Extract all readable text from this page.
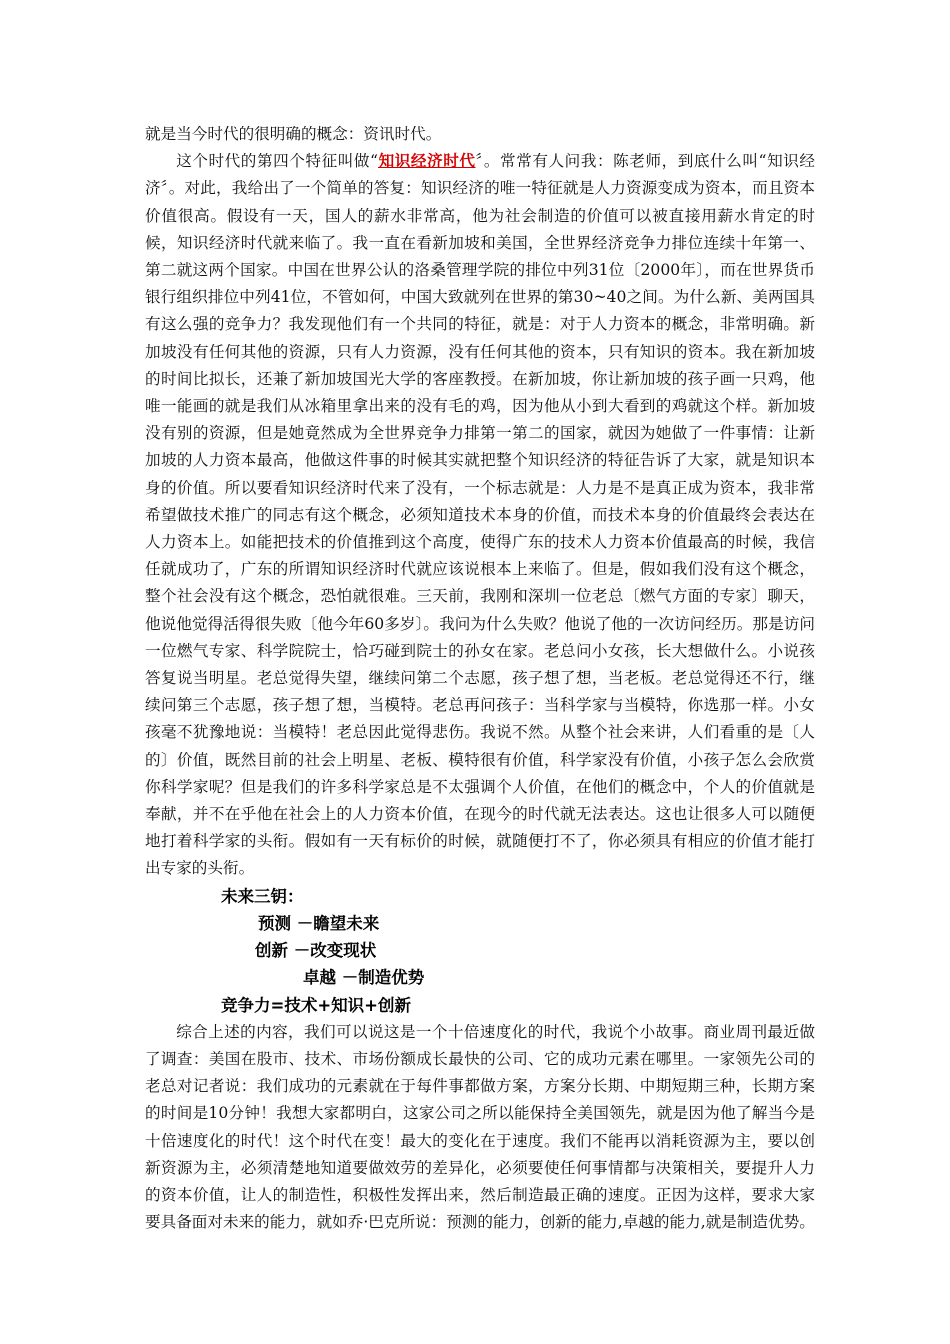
就是当今时代的很明确的概念：资讯时代。

这个时代的第四个特征叫做“知识经济时代〞。常常有人问我：陈老师，到底什么叫“知识经济〞。对此，我给出了一个简单的答复：知识经济的唯一特征就是人力资源变成为资本，而且资本价值很高。假设有一天，国人的薪水非常高，他为社会制造的价值可以被直接用薪水肯定的时候，知识经济时代就来临了。我一直在看新加坡和美国，全世界经济竞争力排位连续十年第一、第二就这两个国家。中国在世界公认的洛桑管理学院的排位中列31位〔2000年〕，而在世界货币银行组织排位中列41位，不管如何，中国大致就列在世界的第30~40之间。为什么新、美两国具有这么强的竞争力？我发现他们有一个共同的特征，就是：对于人力资本的概念，非常明确。新加坡没有任何其他的资源，只有人力资源，没有任何其他的资本，只有知识的资本。我在新加坡的时间比拟长，还兼了新加坡国光大学的客座教授。在新加坡，你让新加坡的孩子画一只鸡，他唯一能画的就是我们从冰箱里拿出来的没有毛的鸡，因为他从小到大看到的鸡就这个样。新加坡没有别的资源，但是她竟然成为全世界竞争力排第一第二的国家，就因为她做了一件事情：让新加坡的人力资本最高，他做这件事的时候其实就把整个知识经济的特征告诉了大家，就是知识本身的价值。所以要看知识经济时代来了没有，一个标志就是：人力是不是真正成为资本，我非常希望做技术推广的同志有这个概念，必须知道技术本身的价值，而技术本身的价值最终会表达在人力资本上。如能把技术的价值推到这个高度，使得广东的技术人力资本价值最高的时候，我信任就成功了，广东的所谓知识经济时代就应该说根本上来临了。但是，假如我们没有这个概念，整个社会没有这个概念，恐怕就很难。三天前，我刚和深圳一位老总〔燃气方面的专家〕聊天，他说他觉得活得很失败〔他今年60多岁〕。我问为什么失败？他说了他的一次访问经历。那是访问一位燃气专家、科学院院士，恰巧碰到院士的孙女在家。老总问小女孩，长大想做什么。小说孩答复说当明星。老总觉得失望，继续问第二个志愿，孩子想了想，当老板。老总觉得还不行，继续问第三个志愿，孩子想了想，当模特。老总再问孩子：当科学家与当模特，你选那一样。小女孩毫不犹豫地说：当模特！老总因此觉得悲伤。我说不然。从整个社会来讲，人们看重的是〔人的〕价值，既然目前的社会上明星、老板、模特很有价值，科学家没有价值，小孩子怎么会欣赏你科学家呢？但是我们的许多科学家总是不太强调个人价值，在他们的概念中，个人的价值就是奉献，并不在乎他在社会上的人力资本价值，在现今的时代就无法表达。这也让很多人可以随便地打着科学家的头衔。假如有一天有标价的时候，就随便打不了，你必须具有相应的价值才能打出专家的头衔。

未来三钥：
预测 －瞻望未来
创新 －改变现状
卓越 －制造优势
竞争力=技术+知识+创新

综合上述的内容，我们可以说这是一个十倍速度化的时代，我说个小故事。商业周刊最近做了调查：美国在股市、技术、市场份额成长最快的公司、它的成功元素在哪里。一家领先公司的老总对记者说：我们成功的元素就在于每件事都做方案，方案分长期、中期短期三种，长期方案的时间是10分钟！我想大家都明白，这家公司之所以能保持全美国领先，就是因为他了解当今是十倍速度化的时代！这个时代在变！最大的变化在于速度。我们不能再以消耗资源为主，要以创新资源为主，必须清楚地知道要做效劳的差异化，必须要使任何事情都与决策相关，要提升人力的资本价值，让人的制造性，积极性发挥出来，然后制造最正确的速度。正因为这样，要求大家要具备面对未来的能力，就如乔·巴克所说：预测的能力，创新的能力,卓越的能力,就是制造优势。
